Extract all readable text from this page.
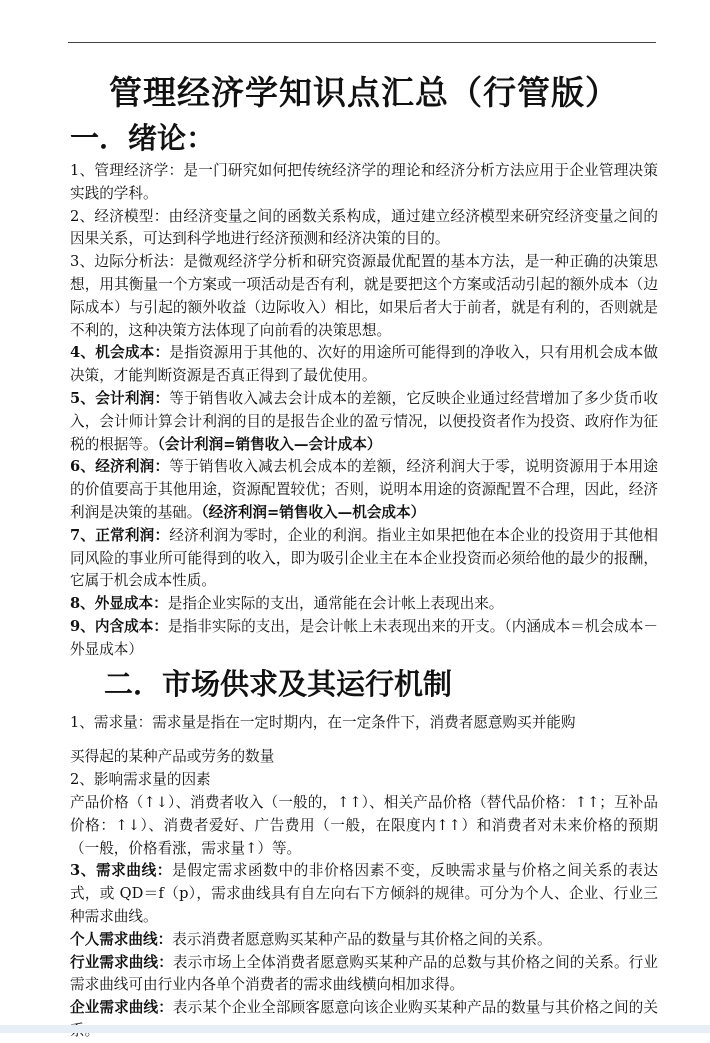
管理经济学知识点汇总（行管版）
一．绪论：

1、管理经济学：是一门研究如何把传统经济学的理论和经济分析方法应用于企业管理决策实践的学科。

2、经济模型：由经济变量之间的函数关系构成，通过建立经济模型来研究经济变量之间的因果关系，可达到科学地进行经济预测和经济决策的目的。

3、边际分析法：是微观经济学分析和研究资源最优配置的基本方法，是一种正确的决策思想，用其衡量一个方案或一项活动是否有利，就是要把这个方案或活动引起的额外成本（边际成本）与引起的额外收益（边际收入）相比，如果后者大于前者，就是有利的，否则就是不利的，这种决策方法体现了向前看的决策思想。

4、机会成本：是指资源用于其他的、次好的用途所可能得到的净收入，只有用机会成本做决策，才能判断资源是否真正得到了最优使用。

5、会计利润：等于销售收入减去会计成本的差额，它反映企业通过经营增加了多少货币收入，会计师计算会计利润的目的是报告企业的盈亏情况，以便投资者作为投资、政府作为征税的根据等。（会计利润=销售收入—会计成本）

6、经济利润：等于销售收入减去机会成本的差额，经济利润大于零，说明资源用于本用途的价值要高于其他用途，资源配置较优；否则，说明本用途的资源配置不合理，因此，经济利润是决策的基础。（经济利润=销售收入—机会成本）

7、正常利润：经济利润为零时，企业的利润。指业主如果把他在本企业的投资用于其他相同风险的事业所可能得到的收入，即为吸引企业主在本企业投资而必须给他的最少的报酬，它属于机会成本性质。

8、外显成本：是指企业实际的支出，通常能在会计帐上表现出来。

9、内含成本：是指非实际的支出，是会计帐上未表现出来的开支。（内涵成本＝机会成本－外显成本）

二．市场供求及其运行机制

1、需求量：需求量是指在一定时期内，在一定条件下，消费者愿意购买并能购

买得起的某种产品或劳务的数量

2、影响需求量的因素

产品价格（↑↓）、消费者收入（一般的，↑↑）、相关产品价格（替代品价格：↑↑；互补品价格：↑↓）、消费者爱好、广告费用（一般，在限度内↑↑）和消费者对未来价格的预期（一般，价格看涨，需求量↑）等。

3、需求曲线：是假定需求函数中的非价格因素不变，反映需求量与价格之间关系的表达式，或 QD＝f（p），需求曲线具有自左向右下方倾斜的规律。可分为个人、企业、行业三种需求曲线。

个人需求曲线：表示消费者愿意购买某种产品的数量与其价格之间的关系。

行业需求曲线：表示市场上全体消费者愿意购买某种产品的总数与其价格之间的关系。行业需求曲线可由行业内各单个消费者的需求曲线横向相加求得。

企业需求曲线：表示某个企业全部顾客愿意向该企业购买某种产品的数量与其价格之间的关
